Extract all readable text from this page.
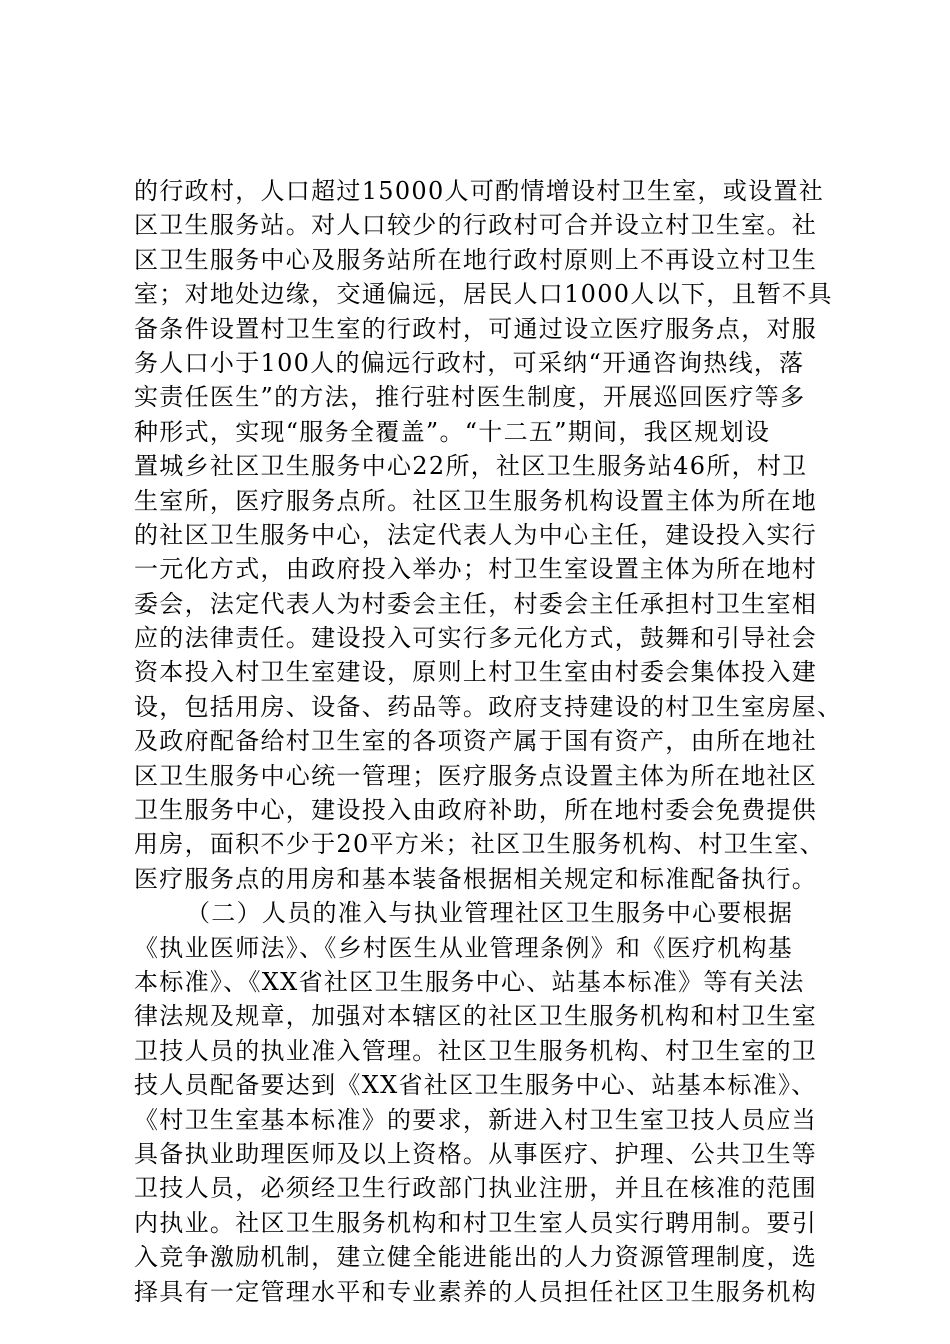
的行政村，人口超过15000人可酌情增设村卫生室，或设置社
区卫生服务站。对人口较少的行政村可合并设立村卫生室。社
区卫生服务中心及服务站所在地行政村原则上不再设立村卫生
室；对地处边缘，交通偏远，居民人口1000人以下，且暂不具
备条件设置村卫生室的行政村，可通过设立医疗服务点，对服
务人口小于100人的偏远行政村，可采纳“开通咨询热线，落
实责任医生”的方法，推行驻村医生制度，开展巡回医疗等多
种形式，实现“服务全覆盖”。“十二五”期间，我区规划设
置城乡社区卫生服务中心22所，社区卫生服务站46所，村卫
生室所，医疗服务点所。社区卫生服务机构设置主体为所在地
的社区卫生服务中心，法定代表人为中心主任，建设投入实行
一元化方式，由政府投入举办；村卫生室设置主体为所在地村
委会，法定代表人为村委会主任，村委会主任承担村卫生室相
应的法律责任。建设投入可实行多元化方式，鼓舞和引导社会
资本投入村卫生室建设，原则上村卫生室由村委会集体投入建
设，包括用房、设备、药品等。政府支持建设的村卫生室房屋、
及政府配备给村卫生室的各项资产属于国有资产，由所在地社
区卫生服务中心统一管理；医疗服务点设置主体为所在地社区
卫生服务中心，建设投入由政府补助，所在地村委会免费提供
用房，面积不少于20平方米；社区卫生服务机构、村卫生室、
医疗服务点的用房和基本装备根据相关规定和标准配备执行。
（二）人员的准入与执业管理社区卫生服务中心要根据
《执业医师法》、《乡村医生从业管理条例》和《医疗机构基
本标准》、《XX省社区卫生服务中心、站基本标准》等有关法
律法规及规章，加强对本辖区的社区卫生服务机构和村卫生室
卫技人员的执业准入管理。社区卫生服务机构、村卫生室的卫
技人员配备要达到《XX省社区卫生服务中心、站基本标准》、
《村卫生室基本标准》的要求，新进入村卫生室卫技人员应当
具备执业助理医师及以上资格。从事医疗、护理、公共卫生等
卫技人员，必须经卫生行政部门执业注册，并且在核准的范围
内执业。社区卫生服务机构和村卫生室人员实行聘用制。要引
入竞争激励机制，建立健全能进能出的人力资源管理制度，选
择具有一定管理水平和专业素养的人员担任社区卫生服务机构
